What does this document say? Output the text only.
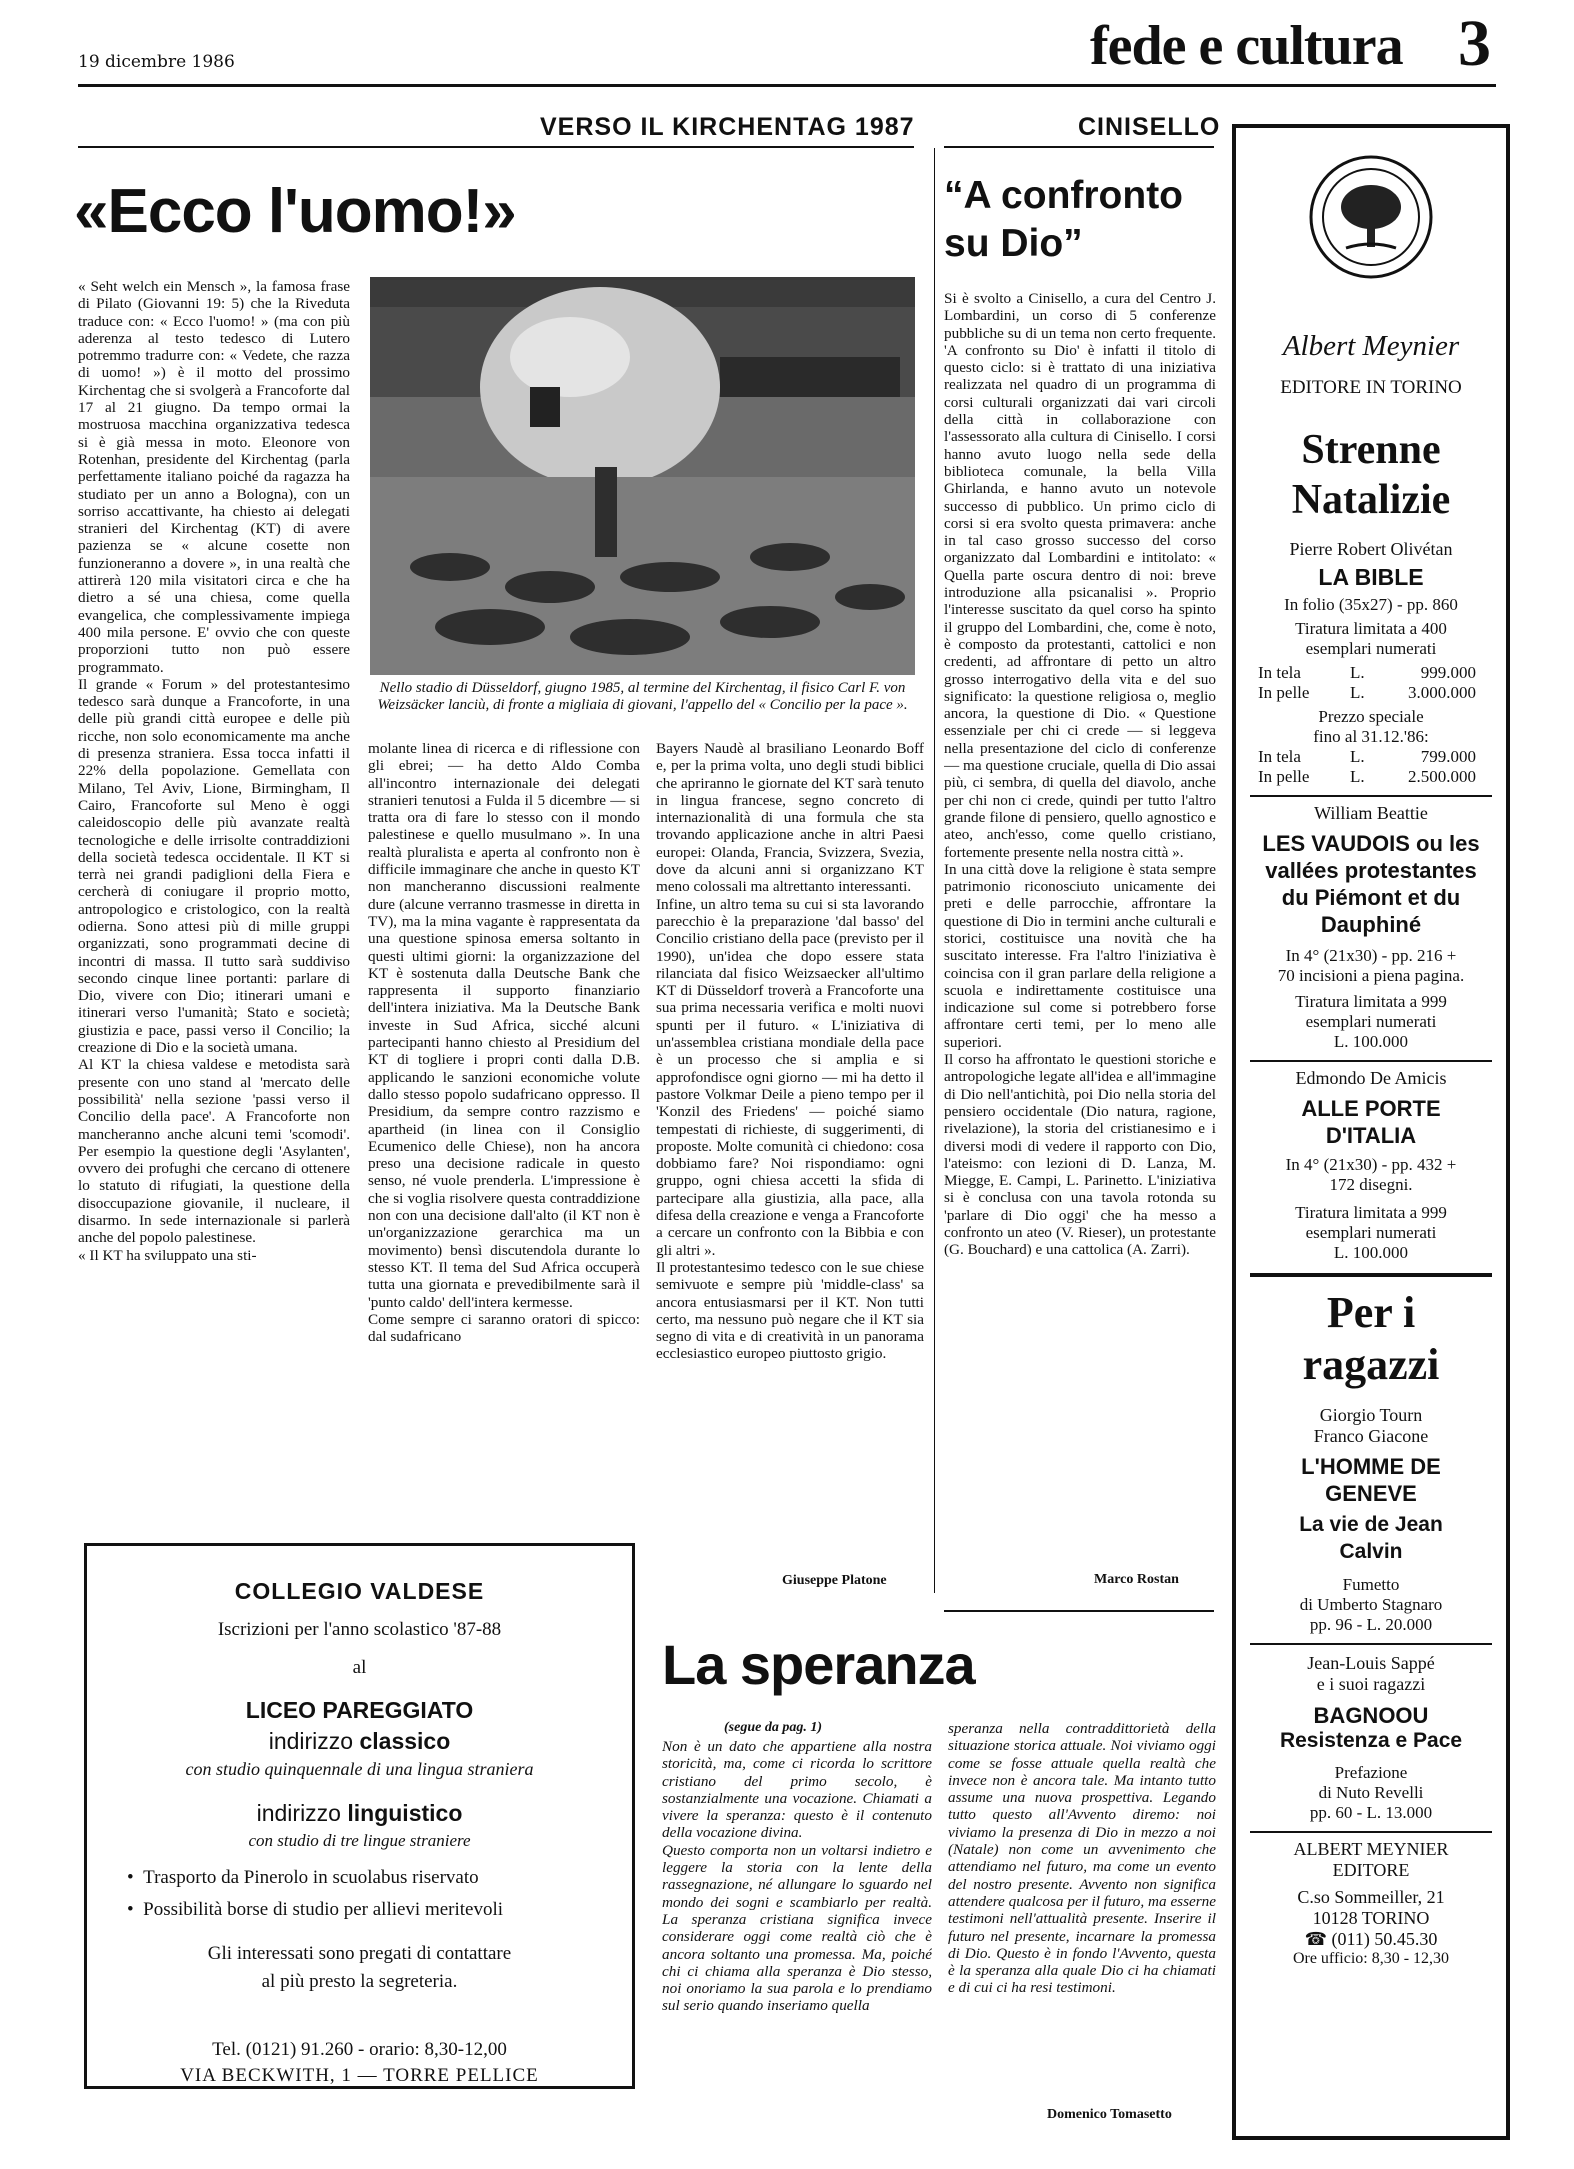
19 dicembre 1986	fede e cultura 3
VERSO IL KIRCHENTAG 1987
«Ecco l'uomo!»
« Seht welch ein Mensch », la famosa frase di Pilato (Giovanni 19: 5) che la Riveduta traduce con: « Ecco l'uomo! » (ma con più aderenza al testo tedesco di Lutero potremmo tradurre con: « Vedete, che razza di uomo! ») è il motto del prossimo Kirchentag che si svolgerà a Francoforte dal 17 al 21 giugno. Da tempo ormai la mostruosa macchina organizzativa tedesca si è già messa in moto. Eleonore von Rotenhan, presidente del Kirchentag (parla perfettamente italiano poiché da ragazza ha studiato per un anno a Bologna), con un sorriso accattivante, ha chiesto ai delegati stranieri del Kirchentag (KT) di avere pazienza se « alcune cosette non funzioneranno a dovere », in una realtà che attirerà 120 mila visitatori circa e che ha dietro a sé una chiesa, come quella evangelica, che complessivamente impiega 400 mila persone. E' ovvio che con queste proporzioni tutto non può essere programmato.
Il grande « Forum » del protestantesimo tedesco sarà dunque a Francoforte, in una delle più grandi città europee e delle più ricche, non solo economicamente ma anche di presenza straniera. Essa tocca infatti il 22% della popolazione. Gemellata con Milano, Tel Aviv, Lione, Birmingham, Il Cairo, Francoforte sul Meno è oggi caleidoscopio delle più avanzate realtà tecnologiche e delle irrisolte contraddizioni della società tedesca occidentale. Il KT si terrà nei grandi padiglioni della Fiera e cercherà di coniugare il proprio motto, antropologico e cristologico, con la realtà odierna. Sono attesi più di mille gruppi organizzati, sono programmati decine di incontri di massa. Il tutto sarà suddiviso secondo cinque linee portanti: parlare di Dio, vivere con Dio; itinerari umani e itinerari verso l'umanità; Stato e società; giustizia e pace, passi verso il Concilio; la creazione di Dio e la società umana.
Al KT la chiesa valdese e metodista sarà presente con uno stand al 'mercato delle possibilità' nella sezione 'passi verso il Concilio della pace'. A Francoforte non mancheranno anche alcuni temi 'scomodi'. Per esempio la questione degli 'Asylanten', ovvero dei profughi che cercano di ottenere lo statuto di rifugiati, la questione della disoccupazione giovanile, il nucleare, il disarmo. In sede internazionale si parlerà anche del popolo palestinese.
« Il KT ha sviluppato una sti-
Nello stadio di Düsseldorf, giugno 1985, al termine del Kirchentag, il fisico Carl F. von Weizsäcker lanciù, di fronte a migliaia di giovani, l'appello del « Concilio per la pace ».
molante linea di ricerca e di riflessione con gli ebrei; — ha detto Aldo Comba all'incontro internazionale dei delegati stranieri tenutosi a Fulda il 5 dicembre — si tratta ora di fare lo stesso con il mondo palestinese e quello musulmano ». In una realtà pluralista e aperta al confronto non è difficile immaginare che anche in questo KT non mancheranno discussioni realmente dure (alcune verranno trasmesse in diretta in TV), ma la mina vagante è rappresentata da una questione spinosa emersa soltanto in questi ultimi giorni: la organizzazione del KT è sostenuta dalla Deutsche Bank che rappresenta il supporto finanziario dell'intera iniziativa. Ma la Deutsche Bank investe in Sud Africa, sicché alcuni partecipanti hanno chiesto al Presidium del KT di togliere i propri conti dalla D.B. applicando le sanzioni economiche volute dallo stesso popolo sudafricano oppresso. Il Presidium, da sempre contro razzismo e apartheid (in linea con il Consiglio Ecumenico delle Chiese), non ha ancora preso una decisione radicale in questo senso, né vuole prenderla. L'impressione è che si voglia risolvere questa contraddizione non con una decisione dall'alto (il KT non è un'organizzazione gerarchica ma un movimento) bensì discutendola durante lo stesso KT. Il tema del Sud Africa occuperà tutta una giornata e prevedibilmente sarà il 'punto caldo' dell'intera kermesse.
Come sempre ci saranno oratori di spicco: dal sudafricano
Bayers Naudè al brasiliano Leonardo Boff e, per la prima volta, uno degli studi biblici che apriranno le giornate del KT sarà tenuto in lingua francese, segno concreto di internazionalità di una formula che sta trovando applicazione anche in altri Paesi europei: Olanda, Francia, Svizzera, Svezia, dove da alcuni anni si organizzano KT meno colossali ma altrettanto interessanti.
Infine, un altro tema su cui si sta lavorando parecchio è la preparazione 'dal basso' del Concilio cristiano della pace (previsto per il 1990), un'idea che dopo essere stata rilanciata dal fisico Weizsaecker all'ultimo KT di Düsseldorf troverà a Francoforte una sua prima necessaria verifica e molti nuovi spunti per il futuro. « L'iniziativa di un'assemblea cristiana mondiale della pace è un processo che si amplia e si approfondisce ogni giorno — mi ha detto il pastore Volkmar Deile a pieno tempo per il 'Konzil des Friedens' — poiché siamo tempestati di richieste, di suggerimenti, di proposte. Molte comunità ci chiedono: cosa dobbiamo fare? Noi rispondiamo: ogni gruppo, ogni chiesa accetti la sfida di partecipare alla giustizia, alla pace, alla difesa della creazione e venga a Francoforte a cercare un confronto con la Bibbia e con gli altri ».
Il protestantesimo tedesco con le sue chiese semivuote e sempre più 'middle-class' sa ancora entusiasmarsi per il KT. Non tutti certo, ma nessuno può negare che il KT sia segno di vita e di creatività in un panorama ecclesiastico europeo piuttosto grigio.
Giuseppe Platone
CINISELLO
“A confronto su Dio”
Si è svolto a Cinisello, a cura del Centro J. Lombardini, un corso di 5 conferenze pubbliche su di un tema non certo frequente. 'A confronto su Dio' è infatti il titolo di questo ciclo: si è trattato di una iniziativa realizzata nel quadro di un programma di corsi culturali organizzati dai vari circoli della città in collaborazione con l'assessorato alla cultura di Cinisello. I corsi hanno avuto luogo nella sede della biblioteca comunale, la bella Villa Ghirlanda, e hanno avuto un notevole successo di pubblico. Un primo ciclo di corsi si era svolto questa primavera: anche in tal caso grosso successo del corso organizzato dal Lombardini e intitolato: « Quella parte oscura dentro di noi: breve introduzione alla psicanalisi ». Proprio l'interesse suscitato da quel corso ha spinto il gruppo del Lombardini, che, come è noto, è composto da protestanti, cattolici e non credenti, ad affrontare di petto un altro grosso interrogativo della vita e del suo significato: la questione religiosa o, meglio ancora, la questione di Dio. « Questione essenziale per chi ci crede — si leggeva nella presentazione del ciclo di conferenze — ma questione cruciale, quella di Dio assai più, ci sembra, di quella del diavolo, anche per chi non ci crede, quindi per tutto l'altro grande filone di pensiero, quello agnostico e ateo, anch'esso, come quello cristiano, fortemente presente nella nostra città ».
In una città dove la religione è stata sempre patrimonio riconosciuto unicamente dei preti e delle parrocchie, affrontare la questione di Dio in termini anche culturali e storici, costituisce una novità che ha suscitato interesse. Fra l'altro l'iniziativa è coincisa con il gran parlare della religione a scuola e indirettamente costituisce una indicazione sul come si potrebbero forse affrontare certi temi, per lo meno alle superiori.
Il corso ha affrontato le questioni storiche e antropologiche legate all'idea e all'immagine di Dio nell'antichità, poi Dio nella storia del pensiero occidentale (Dio natura, ragione, rivelazione), la storia del cristianesimo e i diversi modi di vedere il rapporto con Dio, l'ateismo: con lezioni di D. Lanza, M. Miegge, E. Campi, L. Parinetto. L'iniziativa si è conclusa con una tavola rotonda su 'parlare di Dio oggi' che ha messo a confronto un ateo (V. Rieser), un protestante (G. Bouchard) e una cattolica (A. Zarri).
Marco Rostan
COLLEGIO VALDESE
Iscrizioni per l'anno scolastico '87-88
al
LICEO PAREGGIATO
indirizzo classico
con studio quinquennale di una lingua straniera
indirizzo linguistico
con studio di tre lingue straniere
•  Trasporto da Pinerolo in scuolabus riservato
•  Possibilità borse di studio per allievi meritevoli
Gli interessati sono pregati di contattare
al più presto la segreteria.
Tel. (0121) 91.260 - orario: 8,30-12,00
VIA BECKWITH, 1 — TORRE PELLICE
La speranza
(segue da pag. 1)
Non è un dato che appartiene alla nostra storicità, ma, come ci ricorda lo scrittore cristiano del primo secolo, è sostanzialmente una vocazione. Chiamati a vivere la speranza: questo è il contenuto della vocazione divina.
Questo comporta non un voltarsi indietro e leggere la storia con la lente della rassegnazione, né allungare lo sguardo nel mondo dei sogni e scambiarlo per realtà. La speranza cristiana significa invece considerare oggi come realtà ciò che è ancora soltanto una promessa. Ma, poiché chi ci chiama alla speranza è Dio stesso, noi onoriamo la sua parola e lo prendiamo sul serio quando inseriamo quella
speranza nella contraddittorietà della situazione storica attuale. Noi viviamo oggi come se fosse attuale quella realtà che invece non è ancora tale. Ma intanto tutto assume una nuova prospettiva. Legando tutto questo all'Avvento diremo: noi viviamo la presenza di Dio in mezzo a noi (Natale) non come un avvenimento che attendiamo nel futuro, ma come un evento del nostro presente. Avvento non significa attendere qualcosa per il futuro, ma esserne testimoni nell'attualità presente. Inserire il futuro nel presente, incarnare la promessa di Dio. Questo è in fondo l'Avvento, questa è la speranza alla quale Dio ci ha chiamati e di cui ci ha resi testimoni.
Domenico Tomasetto
Albert Meynier
EDITORE IN TORINO
Strenne Natalizie
Pierre Robert Olivétan
LA BIBLE
In folio (35x27) - pp. 860
Tiratura limitata a 400
esemplari numerati
In tela	L.	999.000
In pelle	L.	3.000.000
Prezzo speciale
fino al 31.12.'86:
In tela	L.	799.000
In pelle	L.	2.500.000
William Beattie
LES VAUDOIS ou les vallées protestantes du Piémont et du Dauphiné
In 4° (21x30) - pp. 216 +
70 incisioni a piena pagina.
Tiratura limitata a 999
esemplari numerati
L. 100.000
Edmondo De Amicis
ALLE PORTE D'ITALIA
In 4° (21x30) - pp. 432 +
172 disegni.
Tiratura limitata a 999
esemplari numerati
L. 100.000
Per i ragazzi
Giorgio Tourn
Franco Giacone
L'HOMME DE GENEVE
La vie de Jean Calvin
Fumetto
di Umberto Stagnaro
pp. 96 - L. 20.000
Jean-Louis Sappé
e i suoi ragazzi
BAGNOOU
Resistenza e Pace
Prefazione
di Nuto Revelli
pp. 60 - L. 13.000
ALBERT MEYNIER
EDITORE
C.so Sommeiller, 21
10128 TORINO
☎ (011) 50.45.30
Ore ufficio: 8,30 - 12,30
